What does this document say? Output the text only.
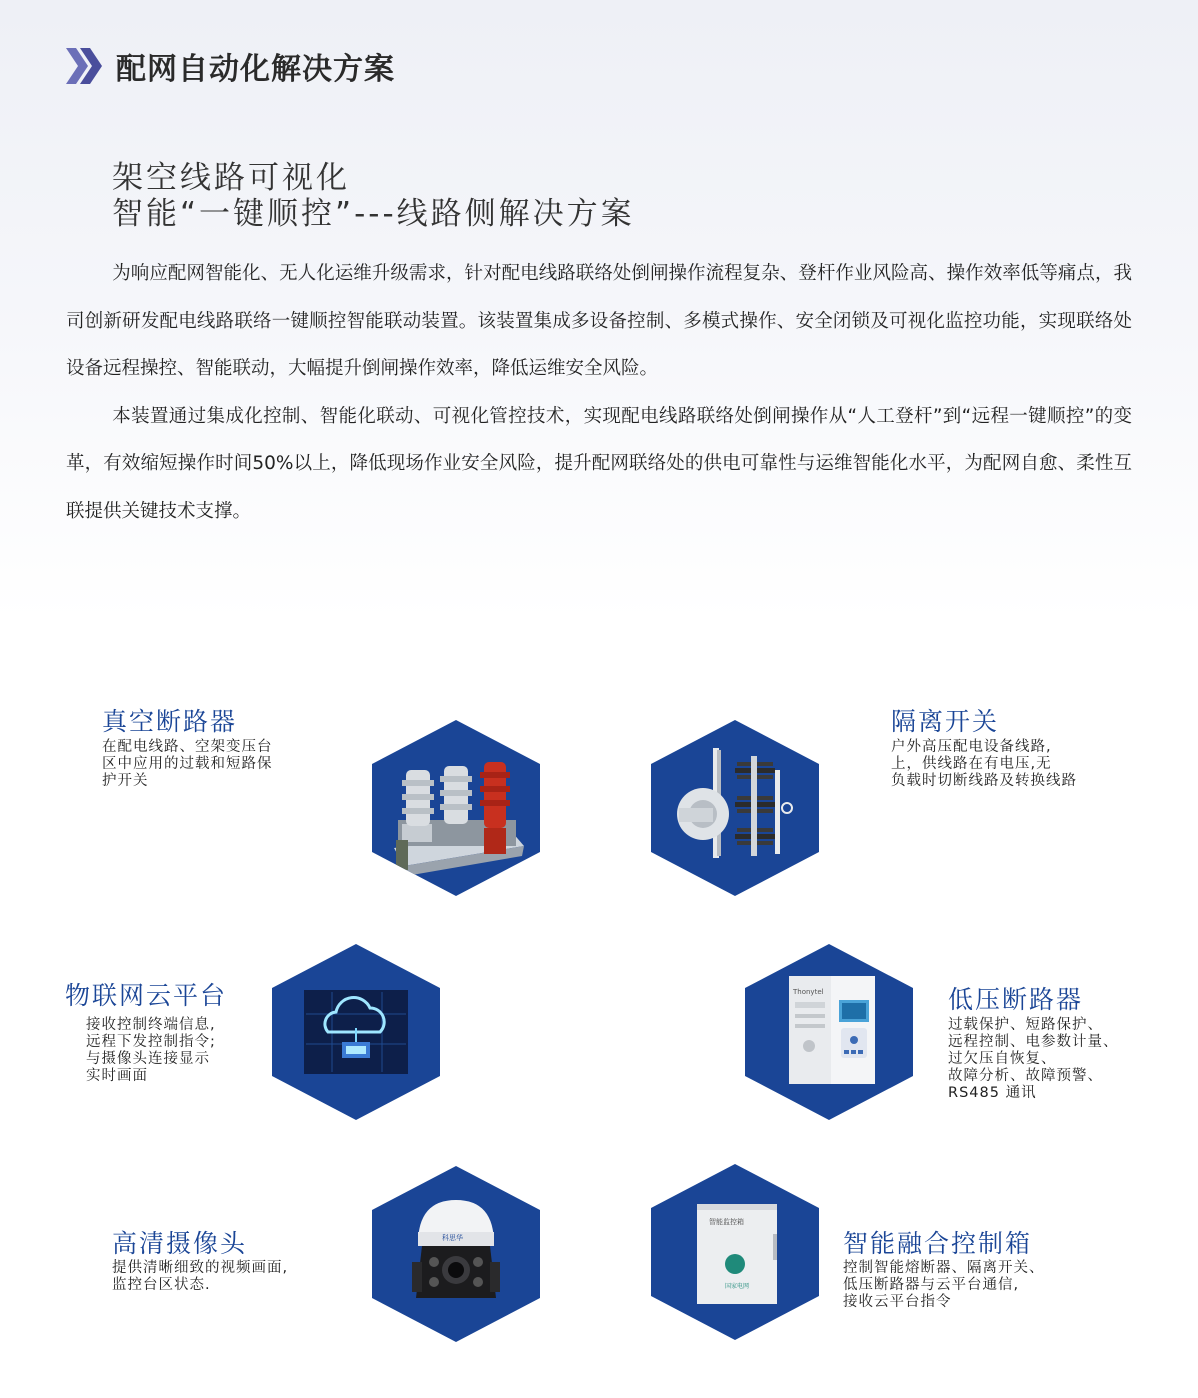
配网自动化解决方案
架空线路可视化
智能“一键顺控”---线路侧解决方案

为响应配网智能化、无人化运维升级需求，针对配电线路联络处倒闸操作流程复杂、登杆作业风险高、操作效率低等痛点，我司创新研发配电线路联络一键顺控智能联动装置。该装置集成多设备控制、多模式操作、安全闭锁及可视化监控功能，实现联络处设备远程操控、智能联动，大幅提升倒闸操作效率，降低运维安全风险。

本装置通过集成化控制、智能化联动、可视化管控技术，实现配电线路联络处倒闸操作从“人工登杆”到“远程一键顺控”的变革，有效缩短操作时间50%以上，降低现场作业安全风险，提升配网联络处的供电可靠性与运维智能化水平，为配网自愈、柔性互联提供关键技术支撑。

真空断路器
在配电线路、空架变压台
区中应用的过载和短路保
护开关
隔离开关
户外高压配电设备线路,
上，供线路在有电压,无
负载时切断线路及转换线路
物联网云平台
接收控制终端信息,
远程下发控制指令;
与摄像头连接显示
实时画面
Thonytel	低压断路器
过载保护、短路保护、
远程控制、电参数计量、
过欠压自恢复、
故障分析、故障预警、
RS485 通讯
高清摄像头
提供清晰细致的视频画面,
监控台区状态.
科思华
智能监控箱
国家电网
智能融合控制箱
控制智能熔断器、隔离开关、
低压断路器与云平台通信,
接收云平台指令
